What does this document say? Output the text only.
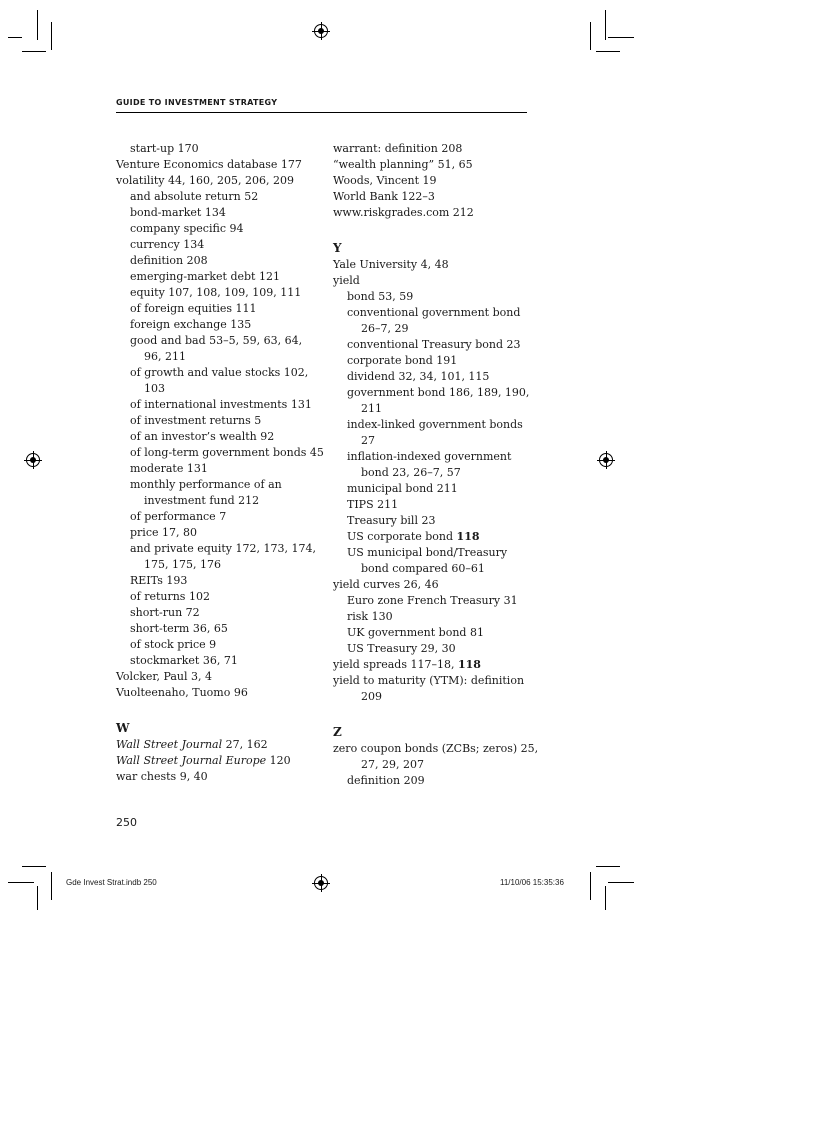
GUIDE TO INVESTMENT STRATEGY
start-up 170
Venture Economics database 177
volatility 44, 160, 205, 206, 209
and absolute return 52
bond-market 134
company specific 94
currency 134
definition 208
emerging-market debt 121
equity 107, 108, 109, 109, 111
of foreign equities 111
foreign exchange 135
good and bad 53–5, 59, 63, 64,
96, 211
of growth and value stocks 102,
103
of international investments 131
of investment returns 5
of an investor’s wealth 92
of long-term government bonds 45
moderate 131
monthly performance of an
investment fund 212
of performance 7
price 17, 80
and private equity 172, 173, 174,
175, 175, 176
REITs 193
of returns 102
short-run 72
short-term 36, 65
of stock price 9
stockmarket 36, 71
Volcker, Paul 3, 4
Vuolteenaho, Tuomo 96
W
Wall Street Journal 27, 162
Wall Street Journal Europe 120
war chests 9, 40
warrant: definition 208
“wealth planning” 51, 65
Woods, Vincent 19
World Bank 122–3
www.riskgrades.com 212
Y
Yale University 4, 48
yield
bond 53, 59
conventional government bond
26–7, 29
conventional Treasury bond 23
corporate bond 191
dividend 32, 34, 101, 115
government bond 186, 189, 190,
211
index-linked government bonds
27
inflation-indexed government
bond 23, 26–7, 57
municipal bond 211
TIPS 211
Treasury bill 23
US corporate bond 118
US municipal bond/Treasury
bond compared 60–61
yield curves 26, 46
Euro zone French Treasury 31
risk 130
UK government bond 81
US Treasury 29, 30
yield spreads 117–18, 118
yield to maturity (YTM): definition
209
Z
zero coupon bonds (ZCBs; zeros) 25,
27, 29, 207
definition 209
250
Gde Invest Strat.indb 250	11/10/06 15:35:36
